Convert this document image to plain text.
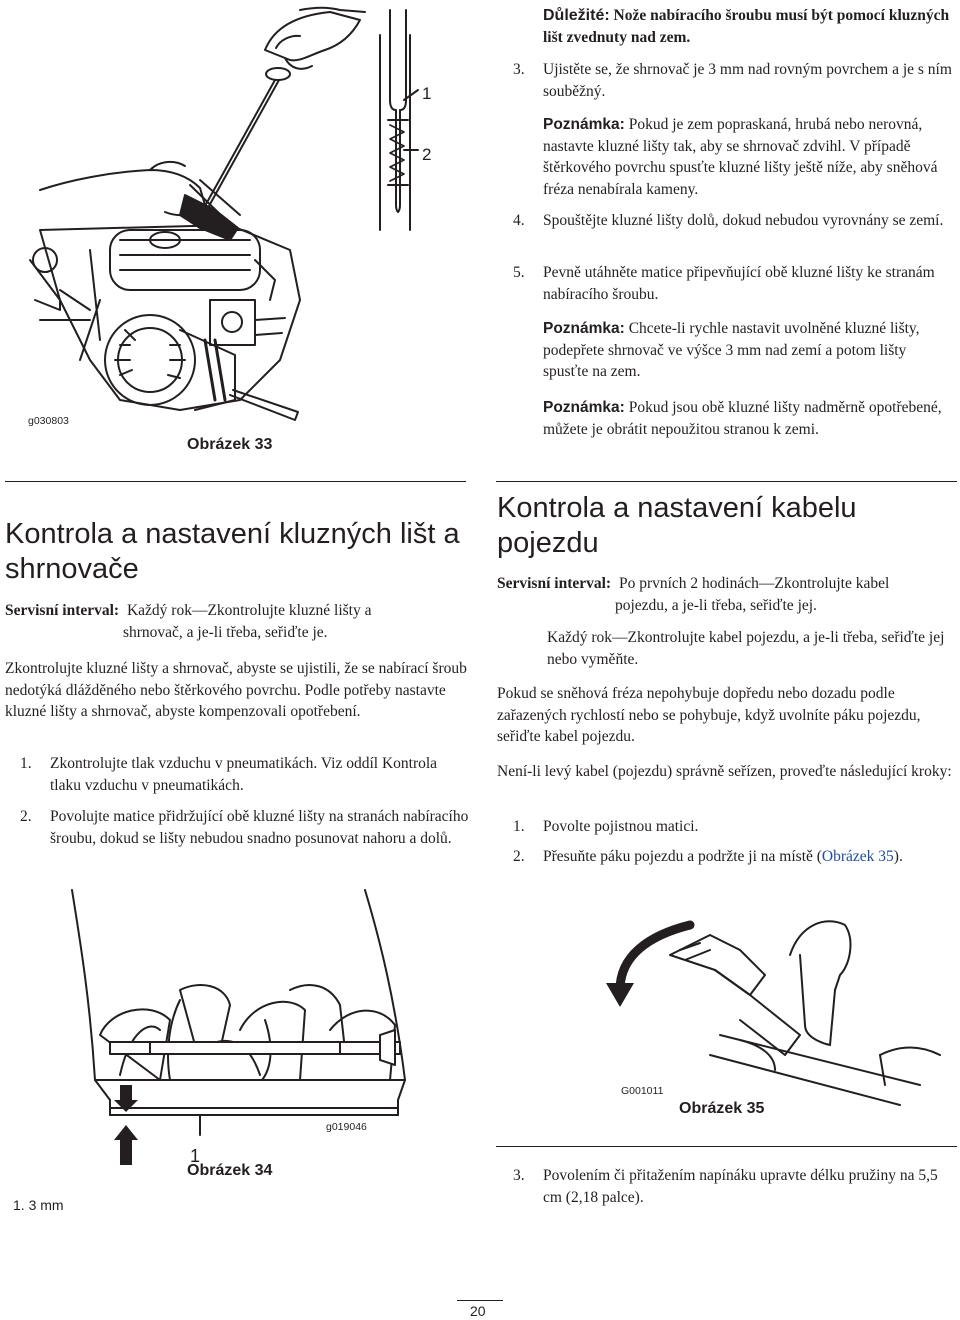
1
2
g030803
Obrázek 33
Důležité: Nože nabíracího šroubu musí být pomocí kluzných lišt zvednuty nad zem.
3.	Ujistěte se, že shrnovač je 3 mm nad rovným povrchem a je s ním souběžný.
Poznámka: Pokud je zem popraskaná, hrubá nebo nerovná, nastavte kluzné lišty tak, aby se shrnovač zdvihl. V případě štěrkového povrchu spusťte kluzné lišty ještě níže, aby sněhová fréza nenabírala kameny.
4.	Spouštějte kluzné lišty dolů, dokud nebudou vyrovnány se zemí.
5.	Pevně utáhněte matice připevňující obě kluzné lišty ke stranám nabíracího šroubu.
Poznámka: Chcete-li rychle nastavit uvolněné kluzné lišty, podepřete shrnovač ve výšce 3 mm nad zemí a potom lišty spusťte na zem.
Poznámka: Pokud jsou obě kluzné lišty nadměrně opotřebené, můžete je obrátit nepoužitou stranou k zemi.
Kontrola a nastavení kluzných lišt a shrnovače
Servisní interval: Každý rok—Zkontrolujte kluzné lišty a shrnovač, a je-li třeba, seřiďte je.
Zkontrolujte kluzné lišty a shrnovač, abyste se ujistili, že se nabírací šroub nedotýká dlážděného nebo štěrkového povrchu. Podle potřeby nastavte kluzné lišty a shrnovač, abyste kompenzovali opotřebení.
1.	Zkontrolujte tlak vzduchu v pneumatikách. Viz oddíl Kontrola tlaku vzduchu v pneumatikách.
2.	Povolujte matice přidržující obě kluzné lišty na stranách nabíracího šroubu, dokud se lišty nebudou snadno posunovat nahoru a dolů.
1
g019046
Obrázek 34
1. 3 mm
Kontrola a nastavení kabelu pojezdu
Servisní interval: Po prvních 2 hodinách—Zkontrolujte kabel pojezdu, a je-li třeba, seřiďte jej.
Každý rok—Zkontrolujte kabel pojezdu, a je-li třeba, seřiďte jej nebo vyměňte.
Pokud se sněhová fréza nepohybuje dopředu nebo dozadu podle zařazených rychlostí nebo se pohybuje, když uvolníte páku pojezdu, seřiďte kabel pojezdu.
Není-li levý kabel (pojezdu) správně seřízen, proveďte následující kroky:
1.	Povolte pojistnou matici.
2.	Přesuňte páku pojezdu a podržte ji na místě (Obrázek 35).
G001011
Obrázek 35
3.	Povolením či přitažením napínáku upravte délku pružiny na 5,5 cm (2,18 palce).
20
